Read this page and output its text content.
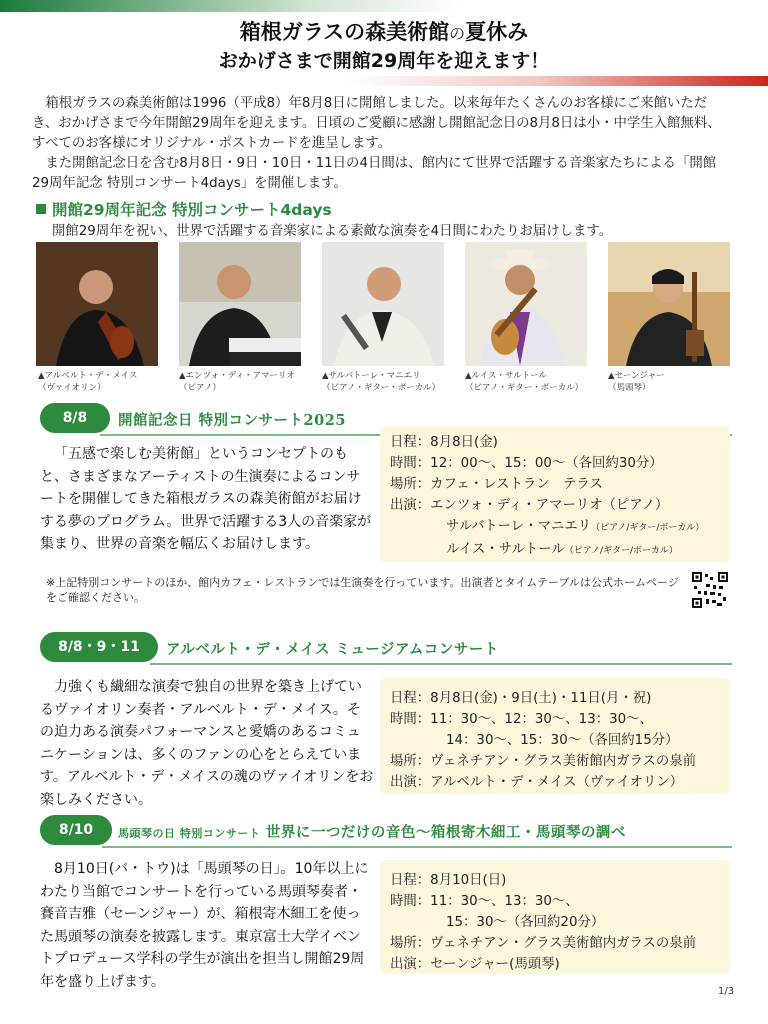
箱根ガラスの森美術館の夏休み
おかげさまで開館29周年を迎えます！

箱根ガラスの森美術館は1996（平成8）年8月8日に開館しました。以来毎年たくさんのお客様にご来館いただき、おかげさまで今年開館29周年を迎えます。日頃のご愛顧に感謝し開館記念日の8月8日は小・中学生入館無料、すべてのお客様にオリジナル・ポストカードを進呈します。

また開館記念日を含む8月8日・9日・10日・11日の4日間は、館内にて世界で活躍する音楽家たちによる「開館29周年記念 特別コンサート4days」を開催します。

開館29周年記念 特別コンサート4days
開館29周年を祝い、世界で活躍する音楽家による素敵な演奏を4日間にわたりお届けします。
▲アルベルト・デ・メイス
（ヴァイオリン）
▲エンツォ・ディ・アマーリオ
（ピアノ）
▲サルバトーレ・マニエリ
（ピアノ・ギター・ボーカル）
▲ルイス・サルトール
（ピアノ・ギター・ボーカル）
▲セーンジャー
（馬頭琴）
8/8	開館記念日 特別コンサート2025

「五感で楽しむ美術館」というコンセプトのもと、さまざまなアーティストの生演奏によるコンサートを開催してきた箱根ガラスの森美術館がお届けする夢のプログラム。世界で活躍する3人の音楽家が集まり、世界の音楽を幅広くお届けします。

日程：8月8日(金)
時間：12：00～、15：00～（各回約30分）
場所：カフェ・レストラン　テラス
出演：エンツォ・ディ・アマーリオ（ピアノ）
サルバトーレ・マニエリ（ピアノ/ギター/ボーカル）
ルイス・サルトール（ピアノ/ギター/ボーカル）
※上記特別コンサートのほか、館内カフェ・レストランでは生演奏を行っています。出演者とタイムテーブルは公式ホームページをご確認ください。
8/8・9・11	アルベルト・デ・メイス ミュージアムコンサート

力強くも繊細な演奏で独自の世界を築き上げているヴァイオリン奏者・アルベルト・デ・メイス。その迫力ある演奏パフォーマンスと愛嬌のあるコミュニケーションは、多くのファンの心をとらえています。アルベルト・デ・メイスの魂のヴァイオリンをお楽しみください。

日程：8月8日(金)・9日(土)・11日(月・祝)
時間：11：30～、12：30～、13：30～、
14：30～、15：30～（各回約15分）
場所：ヴェネチアン・グラス美術館内ガラスの泉前
出演：アルベルト・デ・メイス（ヴァイオリン）
8/10	馬頭琴の日 特別コンサート 世界に一つだけの音色～箱根寄木細工・馬頭琴の調べ

8月10日(バ・トウ)は「馬頭琴の日」。10年以上にわたり当館でコンサートを行っている馬頭琴奏者・賽音吉雅（セーンジャー）が、箱根寄木細工を使った馬頭琴の演奏を披露します。東京富士大学イベントプロデュース学科の学生が演出を担当し開館29周年を盛り上げます。

日程：8月10日(日)
時間：11：30～、13：30～、
15：30～（各回約20分）
場所：ヴェネチアン・グラス美術館内ガラスの泉前
出演：セーンジャー(馬頭琴)
1/3
